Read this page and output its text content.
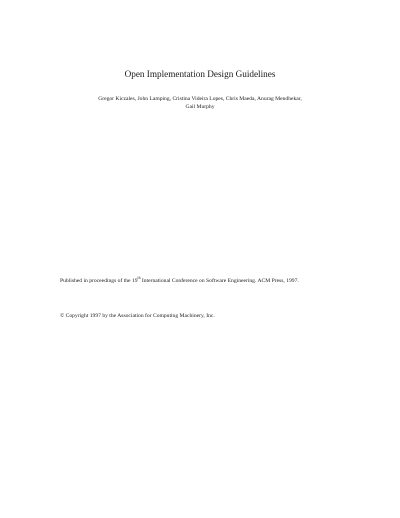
Open Implementation Design Guidelines
Gregor Kiczales, John Lamping, Cristina Videira Lopes, Chris Maeda, Anurag Mendhekar,
Gail Murphy

Published in proceedings of the 19th International Conference on Software Engineering. ACM Press, 1997.

© Copyright 1997 by the Association for Computing Machinery, Inc.
